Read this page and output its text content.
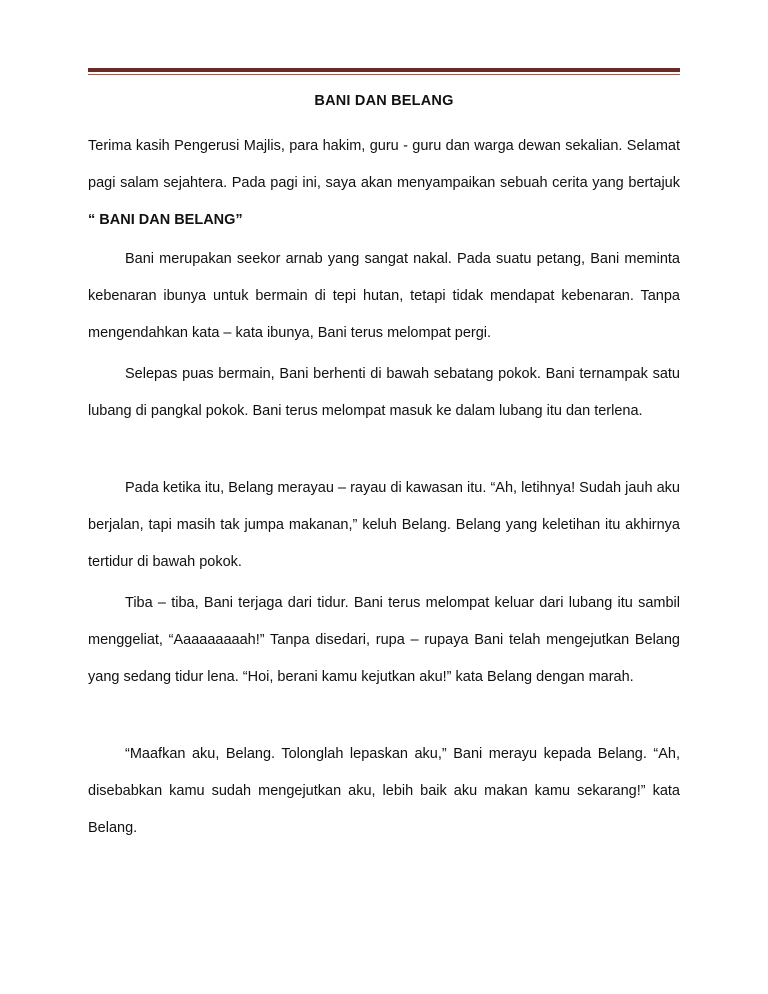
BANI DAN BELANG

Terima kasih Pengerusi Majlis, para hakim, guru - guru dan warga dewan sekalian. Selamat pagi salam sejahtera. Pada pagi ini, saya akan menyampaikan sebuah cerita yang bertajuk “ BANI DAN BELANG”

Bani merupakan seekor arnab yang sangat nakal. Pada suatu petang, Bani meminta kebenaran ibunya untuk bermain di tepi hutan, tetapi tidak mendapat kebenaran. Tanpa mengendahkan kata – kata ibunya, Bani terus melompat pergi.

Selepas puas bermain, Bani berhenti di bawah sebatang pokok. Bani ternampak satu lubang di pangkal pokok. Bani terus melompat masuk ke dalam lubang itu dan terlena.

Pada ketika itu, Belang merayau – rayau di kawasan itu. “Ah, letihnya! Sudah jauh aku berjalan, tapi masih tak jumpa makanan,” keluh Belang. Belang yang keletihan itu akhirnya tertidur di bawah pokok.

Tiba – tiba, Bani terjaga dari tidur. Bani terus melompat keluar dari lubang itu sambil menggeliat, “Aaaaaaaaah!” Tanpa disedari, rupa – rupaya Bani telah mengejutkan Belang yang sedang tidur lena. “Hoi, berani kamu kejutkan aku!” kata Belang dengan marah.

“Maafkan aku, Belang. Tolonglah lepaskan aku,” Bani merayu kepada Belang. “Ah, disebabkan kamu sudah mengejutkan aku, lebih baik aku makan kamu sekarang!” kata Belang.
